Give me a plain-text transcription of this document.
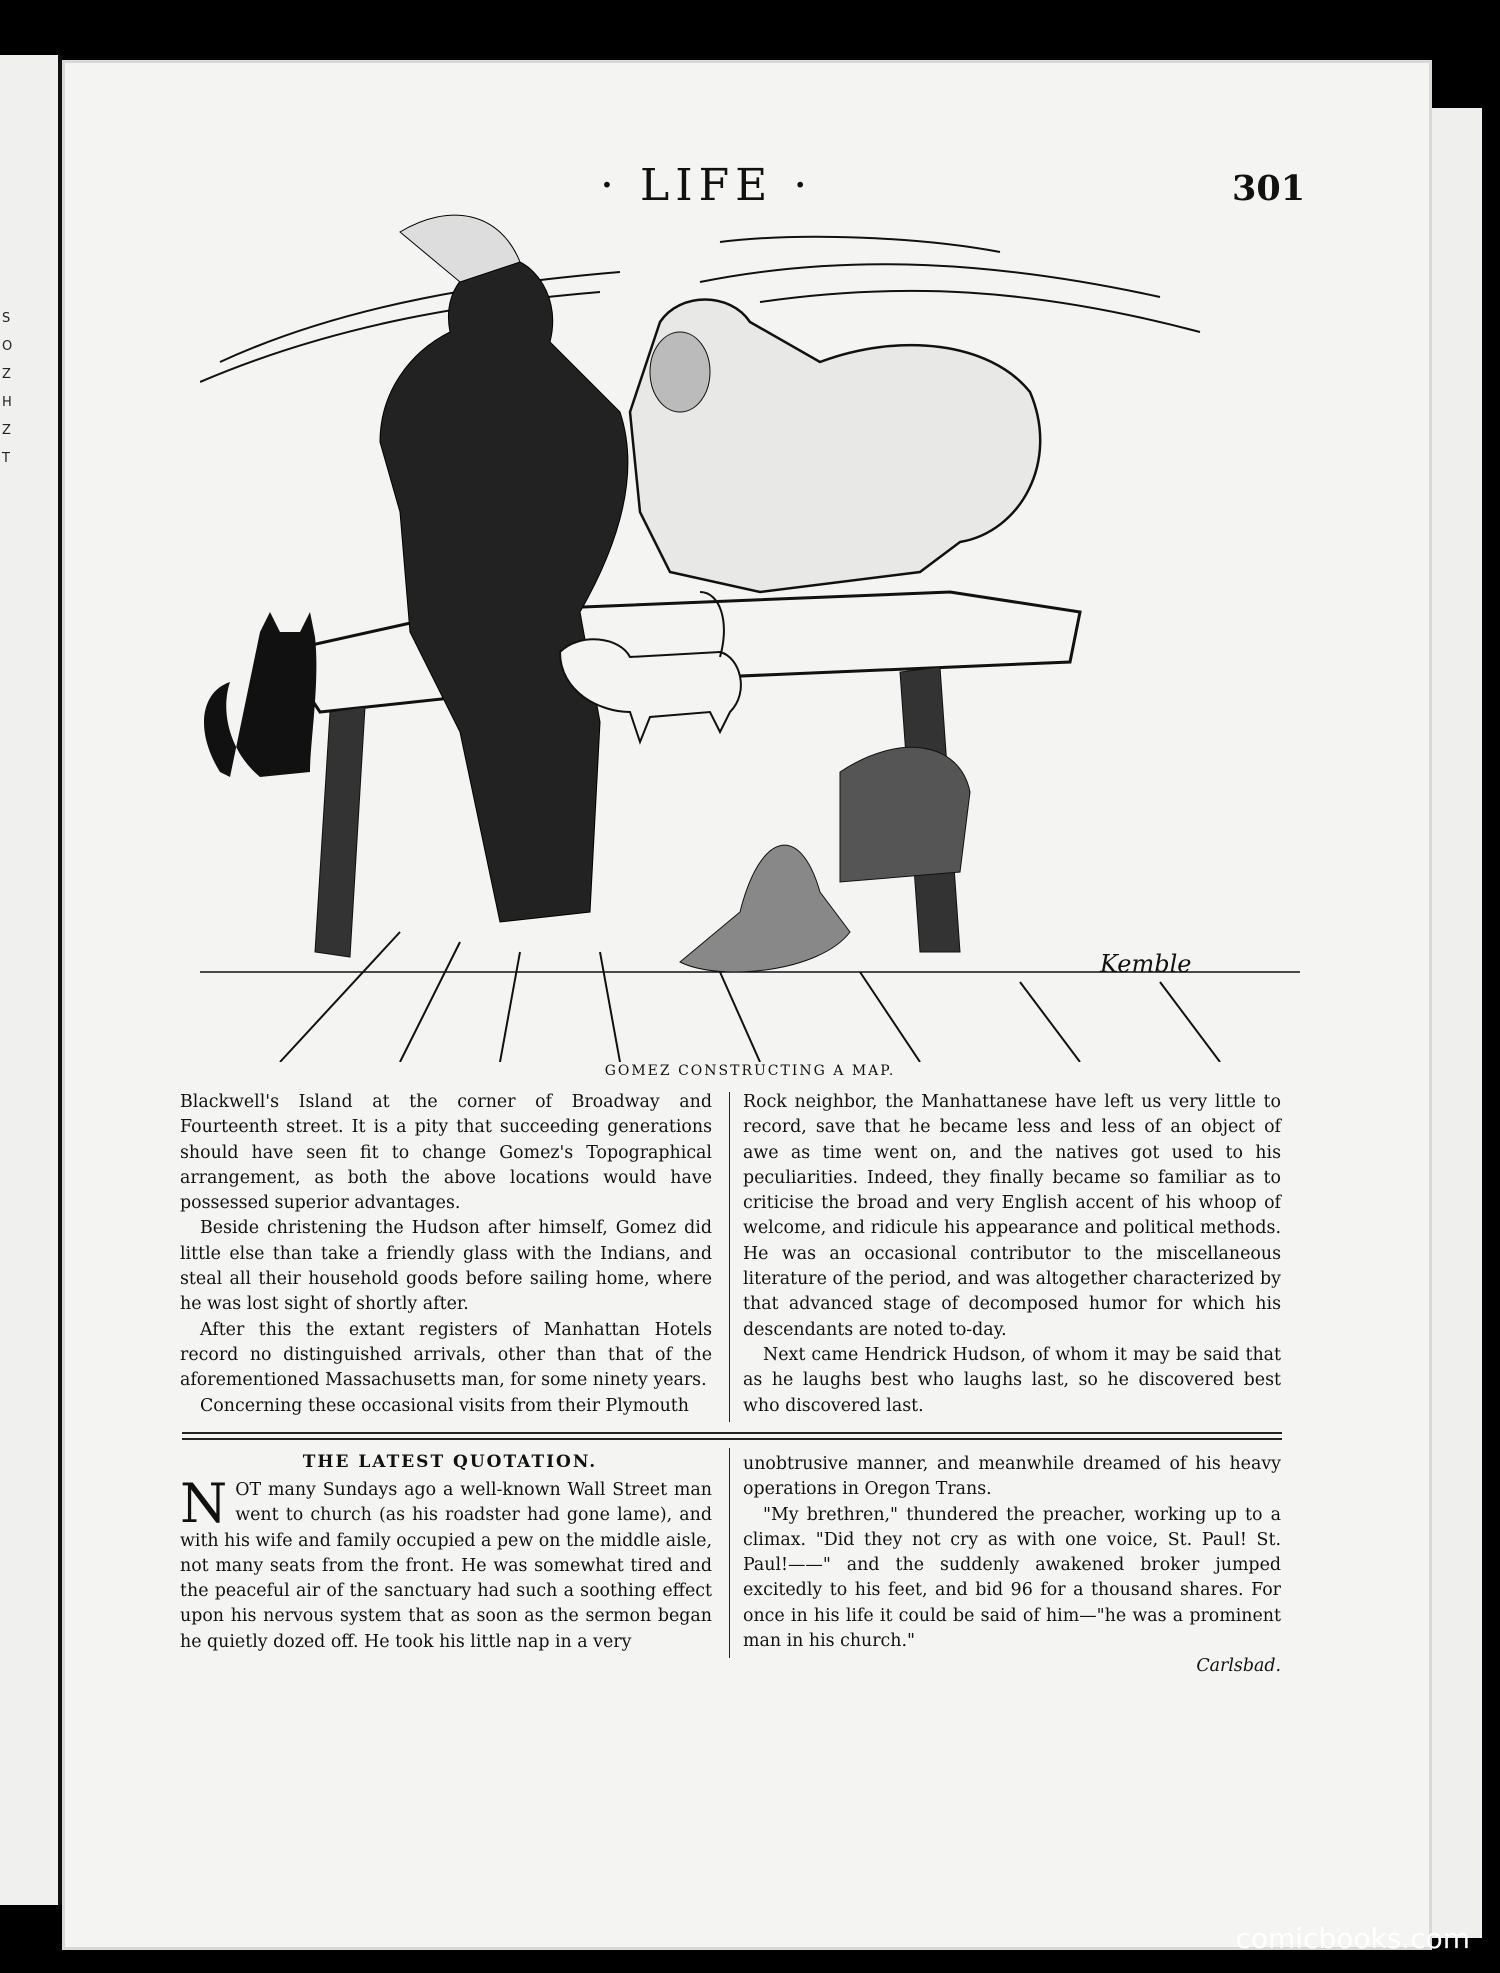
S
O
Z
H
Z
T
· LIFE ·	301
WIN
Kemble
GOMEZ CONSTRUCTING A MAP.

Blackwell's Island at the corner of Broadway and Fourteenth street. It is a pity that succeeding generations should have seen fit to change Gomez's Topographical arrangement, as both the above locations would have possessed superior advantages.

Beside christening the Hudson after himself, Gomez did little else than take a friendly glass with the Indians, and steal all their household goods before sailing home, where he was lost sight of shortly after.

After this the extant registers of Manhattan Hotels record no distinguished arrivals, other than that of the aforementioned Massachusetts man, for some ninety years.

Concerning these occasional visits from their Plymouth

Rock neighbor, the Manhattanese have left us very little to record, save that he became less and less of an object of awe as time went on, and the natives got used to his peculiarities. Indeed, they finally became so familiar as to criticise the broad and very English accent of his whoop of welcome, and ridicule his appearance and political methods. He was an occasional contributor to the miscellaneous literature of the period, and was altogether characterized by that advanced stage of decomposed humor for which his descendants are noted to-day.

Next came Hendrick Hudson, of whom it may be said that as he laughs best who laughs last, so he discovered best who discovered last.

THE LATEST QUOTATION.
N OT many Sundays ago a well-known Wall Street man went to church (as his roadster had gone lame), and with his wife and family occupied a pew on the middle aisle, not many seats from the front. He was somewhat tired and the peaceful air of the sanctuary had such a soothing effect upon his nervous system that as soon as the sermon began he quietly dozed off. He took his little nap in a very

unobtrusive manner, and meanwhile dreamed of his heavy operations in Oregon Trans.

"My brethren," thundered the preacher, working up to a climax. "Did they not cry as with one voice, St. Paul! St. Paul!——" and the suddenly awakened broker jumped excitedly to his feet, and bid 96 for a thousand shares. For once in his life it could be said of him—"he was a prominent man in his church."

Carlsbad.
comicbooks.com
